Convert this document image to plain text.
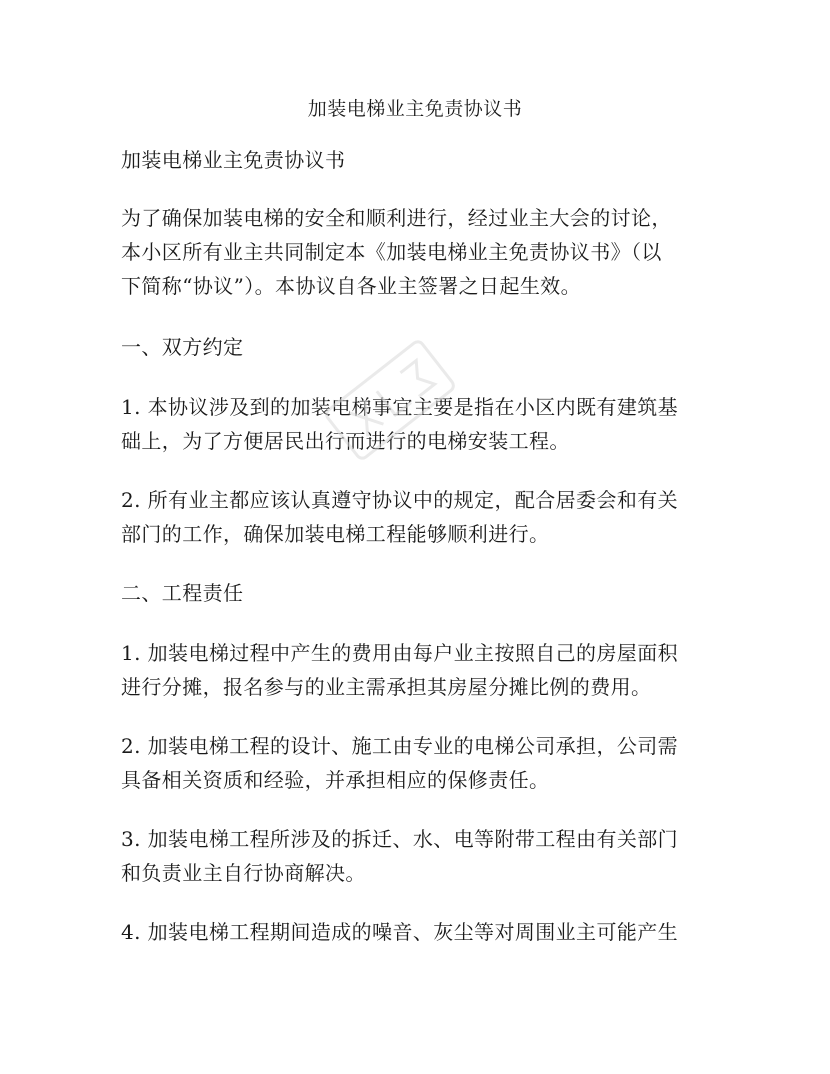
加装电梯业主免责协议书
加装电梯业主免责协议书
为了确保加装电梯的安全和顺利进行，经过业主大会的讨论，
本小区所有业主共同制定本《加装电梯业主免责协议书》（以
下简称“协议”）。本协议自各业主签署之日起生效。
一、双方约定
1. 本协议涉及到的加装电梯事宜主要是指在小区内既有建筑基
础上，为了方便居民出行而进行的电梯安装工程。
2. 所有业主都应该认真遵守协议中的规定，配合居委会和有关
部门的工作，确保加装电梯工程能够顺利进行。
二、工程责任
1. 加装电梯过程中产生的费用由每户业主按照自己的房屋面积
进行分摊，报名参与的业主需承担其房屋分摊比例的费用。
2. 加装电梯工程的设计、施工由专业的电梯公司承担，公司需
具备相关资质和经验，并承担相应的保修责任。
3. 加装电梯工程所涉及的拆迁、水、电等附带工程由有关部门
和负责业主自行协商解决。
4. 加装电梯工程期间造成的噪音、灰尘等对周围业主可能产生
